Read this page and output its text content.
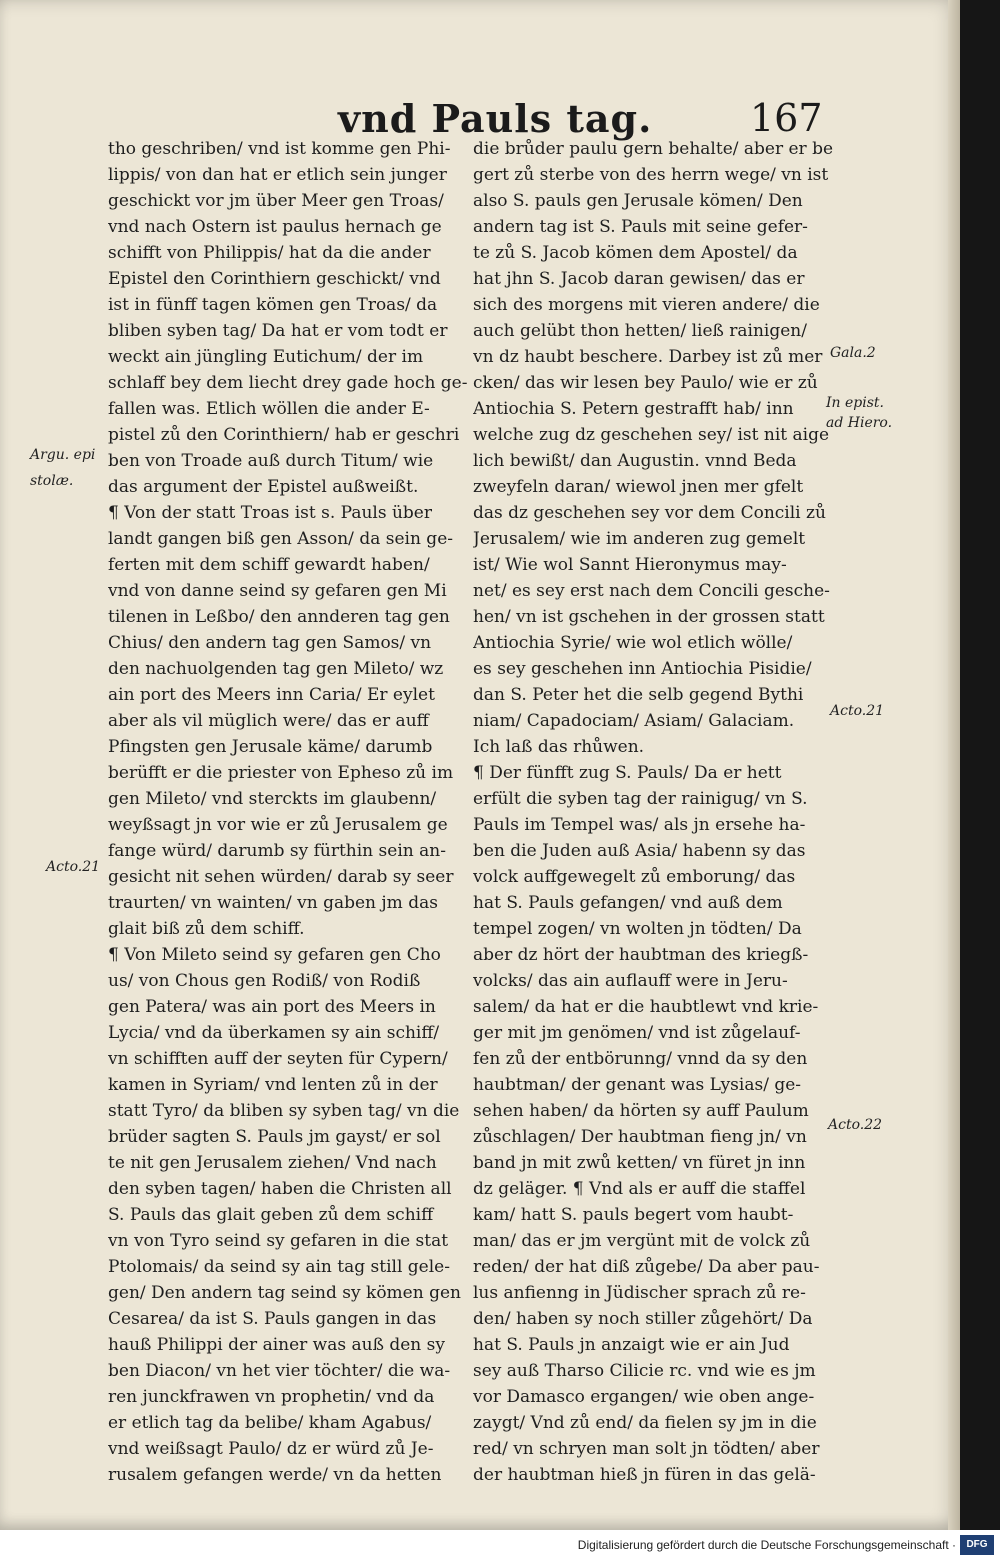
vnd Pauls tag.	167
tho geschriben/ vnd ist komme gen Phi-
lippis/ von dan hat er etlich sein junger
geschickt vor jm über Meer gen Troas/
vnd nach Ostern ist paulus hernach ge
schifft von Philippis/ hat da die ander
Epistel den Corinthiern geschickt/ vnd
ist in fünff tagen kömen gen Troas/ da
bliben syben tag/ Da hat er vom todt er
weckt ain jüngling Eutichum/ der im
schlaff bey dem liecht drey gade hoch ge-
fallen was. Etlich wöllen die ander E-
pistel zů den Corinthiern/ hab er geschri
ben von Troade auß durch Titum/ wie
das argument der Epistel außweißt.
¶ Von der statt Troas ist s. Pauls über
landt gangen biß gen Asson/ da sein ge-
ferten mit dem schiff gewardt haben/
vnd von danne seind sy gefaren gen Mi
tilenen in Leßbo/ den annderen tag gen
Chius/ den andern tag gen Samos/ vn
den nachuolgenden tag gen Mileto/ wz
ain port des Meers inn Caria/ Er eylet
aber als vil müglich were/ das er auff
Pfingsten gen Jerusale käme/ darumb
berüfft er die priester von Epheso zů im
gen Mileto/ vnd sterckts im glaubenn/
weyßsagt jn vor wie er zů Jerusalem ge
fange würd/ darumb sy fürthin sein an-
gesicht nit sehen würden/ darab sy seer
traurten/ vn wainten/ vn gaben jm das
glait biß zů dem schiff.
¶ Von Mileto seind sy gefaren gen Cho
us/ von Chous gen Rodiß/ von Rodiß
gen Patera/ was ain port des Meers in
Lycia/ vnd da überkamen sy ain schiff/
vn schifften auff der seyten für Cypern/
kamen in Syriam/ vnd lenten zů in der
statt Tyro/ da bliben sy syben tag/ vn die
brüder sagten S. Pauls jm gayst/ er sol
te nit gen Jerusalem ziehen/ Vnd nach
den syben tagen/ haben die Christen all
S. Pauls das glait geben zů dem schiff
vn von Tyro seind sy gefaren in die stat
Ptolomais/ da seind sy ain tag still gele-
gen/ Den andern tag seind sy kömen gen
Cesarea/ da ist S. Pauls gangen in das
hauß Philippi der ainer was auß den sy
ben Diacon/ vn het vier töchter/ die wa-
ren junckfrawen vn prophetin/ vnd da
er etlich tag da belibe/ kham Agabus/
vnd weißsagt Paulo/ dz er würd zů Je-
rusalem gefangen werde/ vn da hetten
die brůder paulu gern behalte/ aber er be
gert zů sterbe von des herrn wege/ vn ist
also S. pauls gen Jerusale kömen/ Den
andern tag ist S. Pauls mit seine gefer-
te zů S. Jacob kömen dem Apostel/ da
hat jhn S. Jacob daran gewisen/ das er
sich des morgens mit vieren andere/ die
auch gelübt thon hetten/ ließ rainigen/
vn dz haubt beschere. Darbey ist zů mer
cken/ das wir lesen bey Paulo/ wie er zů
Antiochia S. Petern gestrafft hab/ inn
welche zug dz geschehen sey/ ist nit aige
lich bewißt/ dan Augustin. vnnd Beda
zweyfeln daran/ wiewol jnen mer gfelt
das dz geschehen sey vor dem Concili zů
Jerusalem/ wie im anderen zug gemelt
ist/ Wie wol Sannt Hieronymus may-
net/ es sey erst nach dem Concili gesche-
hen/ vn ist gschehen in der grossen statt
Antiochia Syrie/ wie wol etlich wölle/
es sey geschehen inn Antiochia Pisidie/
dan S. Peter het die selb gegend Bythi
niam/ Capadociam/ Asiam/ Galaciam.
Ich laß das rhůwen.
¶ Der fünfft zug S. Pauls/ Da er hett
erfült die syben tag der rainigug/ vn S.
Pauls im Tempel was/ als jn ersehe ha-
ben die Juden auß Asia/ habenn sy das
volck auffgewegelt zů emborung/ das
hat S. Pauls gefangen/ vnd auß dem
tempel zogen/ vn wolten jn tödten/ Da
aber dz hört der haubtman des kriegß-
volcks/ das ain auflauff were in Jeru-
salem/ da hat er die haubtlewt vnd krie-
ger mit jm genömen/ vnd ist zůgelauf-
fen zů der entbörunng/ vnnd da sy den
haubtman/ der genant was Lysias/ ge-
sehen haben/ da hörten sy auff Paulum
zůschlagen/ Der haubtman fieng jn/ vn
band jn mit zwů ketten/ vn füret jn inn
dz geläger. ¶ Vnd als er auff die staffel
kam/ hatt S. pauls begert vom haubt-
man/ das er jm vergünt mit de volck zů
reden/ der hat diß zůgebe/ Da aber pau-
lus anfienng in Jüdischer sprach zů re-
den/ haben sy noch stiller zůgehört/ Da
hat S. Pauls jn anzaigt wie er ain Jud
sey auß Tharso Cilicie rc. vnd wie es jm
vor Damasco ergangen/ wie oben ange-
zaygt/ Vnd zů end/ da fielen sy jm in die
red/ vn schryen man solt jn tödten/ aber
der haubtman hieß jn füren in das gelä-
Argu. epi
stolæ.
Acto.21
Gala.2
In epist.
ad Hiero.
Acto.21
Acto.22
Digitalisierung gefördert durch die Deutsche Forschungsgemeinschaft ·	DFG
